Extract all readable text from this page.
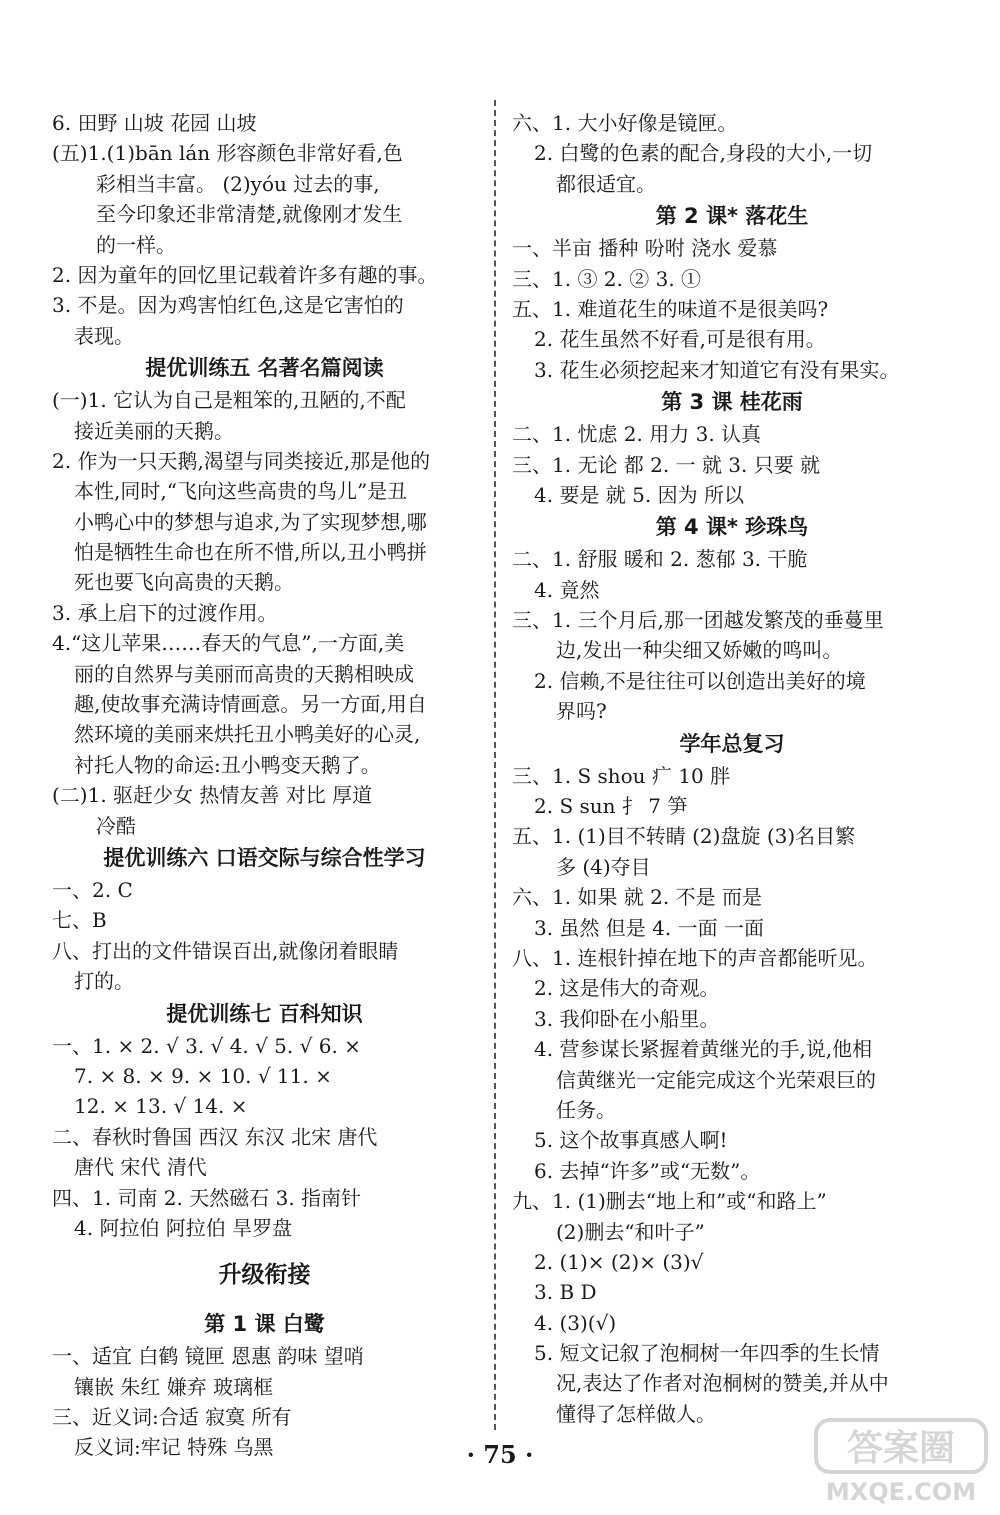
6. 田野 山坡 花园 山坡
(五)1.(1)bān lán 形容颜色非常好看,色
彩相当丰富。 (2)yóu 过去的事,
至今印象还非常清楚,就像刚才发生
的一样。
2. 因为童年的回忆里记载着许多有趣的事。
3. 不是。因为鸡害怕红色,这是它害怕的
表现。
提优训练五 名著名篇阅读
(一)1. 它认为自己是粗笨的,丑陋的,不配
接近美丽的天鹅。
2. 作为一只天鹅,渴望与同类接近,那是他的
本性,同时,“飞向这些高贵的鸟儿”是丑
小鸭心中的梦想与追求,为了实现梦想,哪
怕是牺牲生命也在所不惜,所以,丑小鸭拼
死也要飞向高贵的天鹅。
3. 承上启下的过渡作用。
4.“这儿苹果……春天的气息”,一方面,美
丽的自然界与美丽而高贵的天鹅相映成
趣,使故事充满诗情画意。另一方面,用自
然环境的美丽来烘托丑小鸭美好的心灵,
衬托人物的命运:丑小鸭变天鹅了。
(二)1. 驱赶少女 热情友善 对比 厚道
冷酷
提优训练六 口语交际与综合性学习
一、2. C
七、B
八、打出的文件错误百出,就像闭着眼睛
打的。
提优训练七 百科知识
一、1. × 2. √ 3. √ 4. √ 5. √ 6. ×
7. × 8. × 9. × 10. √ 11. ×
12. × 13. √ 14. ×
二、春秋时鲁国 西汉 东汉 北宋 唐代
唐代 宋代 清代
四、1. 司南 2. 天然磁石 3. 指南针
4. 阿拉伯 阿拉伯 旱罗盘
升级衔接
第 1 课 白鹭
一、适宜 白鹤 镜匣 恩惠 韵味 望哨
镶嵌 朱红 嫌弃 玻璃框
三、近义词:合适 寂寞 所有
反义词:牢记 特殊 乌黑
六、1. 大小好像是镜匣。
2. 白鹭的色素的配合,身段的大小,一切
都很适宜。
第 2 课* 落花生
一、半亩 播种 吩咐 浇水 爱慕
三、1. ③ 2. ② 3. ①
五、1. 难道花生的味道不是很美吗?
2. 花生虽然不好看,可是很有用。
3. 花生必须挖起来才知道它有没有果实。
第 3 课 桂花雨
二、1. 忧虑 2. 用力 3. 认真
三、1. 无论 都 2. 一 就 3. 只要 就
4. 要是 就 5. 因为 所以
第 4 课* 珍珠鸟
二、1. 舒服 暖和 2. 葱郁 3. 干脆
4. 竟然
三、1. 三个月后,那一团越发繁茂的垂蔓里
边,发出一种尖细又娇嫩的鸣叫。
2. 信赖,不是往往可以创造出美好的境
界吗?
学年总复习
三、1. S shou 疒 10 胖
2. S sun 扌 7 笋
五、1. (1)目不转睛 (2)盘旋 (3)名目繁
多 (4)夺目
六、1. 如果 就 2. 不是 而是
3. 虽然 但是 4. 一面 一面
八、1. 连根针掉在地下的声音都能听见。
2. 这是伟大的奇观。
3. 我仰卧在小船里。
4. 营参谋长紧握着黄继光的手,说,他相
信黄继光一定能完成这个光荣艰巨的
任务。
5. 这个故事真感人啊!
6. 去掉“许多”或“无数”。
九、1. (1)删去“地上和”或“和路上”
(2)删去“和叶子”
2. (1)× (2)× (3)√
3. B D
4. (3)(√)
5. 短文记叙了泡桐树一年四季的生长情
况,表达了作者对泡桐树的赞美,并从中
懂得了怎样做人。
· 75 ·	答案圈
MXQE.COM
